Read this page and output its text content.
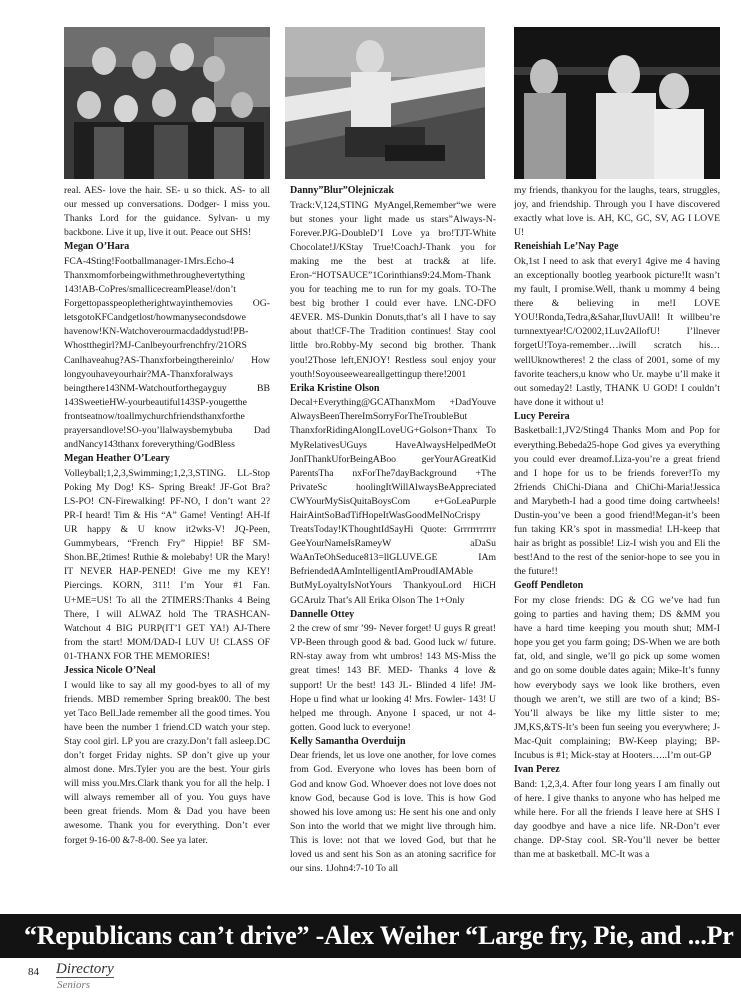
real. AES- love the hair. SE- u so thick. AS- to all our messed up conversations. Dodger- I miss you. Thanks Lord for the guidance. Sylvan- u my backbone. Live it up, live it out. Peace out SHS!

Megan O’Hara

FCA-4Sting!Footballmanager-1Mrs.Echo-4 Thanxmomforbeingwithmethroughevertything 143!AB-CoPres/smallicecreamPlease!/don’t Forgettopasspeopletherightwayinthemovies OG-letsgotoKFCandgetlost/howmanysecondsdowe havenow!KN-Watchoverourmacdaddystud!PB-Whostthegirl?MJ-Canlbeyourfrenchfry/21ORS Canlhaveahug?AS-Thanxforbeingthereinlo/ How longyouhaveyourhair?MA-Thanxforalways beingthere143NM-Watchoutforthegayguy BB 143SweetieHW-yourbeautiful143SP-yougetthe frontseatnow/toallmychurchfriendsthanxforthe prayersandlove!SO-you’llalwaysbemybuba Dad andNancy143thanx foreverything/GodBless

Megan Heather O’Leary

Volleyball;1,2,3,Swimming;1,2,3,STING. LL-Stop Poking My Dog! KS- Spring Break! JF-Got Bra? LS-PO! CN-Firewalking! PF-NO, I don’t want 2? PR-I heard! Tim & His “A” Game! Venting! AH-If UR happy & U know it2wks-V! JQ-Peen, Gummybears, “French Fry” Hippie! BF SM-Shon.BE,2times! Ruthie & molebaby! UR the Mary! IT NEVER HAP-PENED! Give me my KEY! Piercings. KORN, 311! I’m Your #1 Fan. U+ME=US! To all the 2TIMERS:Thanks 4 Being There, I will ALWAZ hold The TRASHCAN-Watchout 4 BIG PURP(IT’I GET YA!) AJ-There from the start! MOM/DAD-I LUV U! CLASS OF 01-THANX FOR THE MEMORIES!

Jessica Nicole O’Neal

I would like to say all my good-byes to all of my friends. MBD remember Spring break00. The best yet Taco Bell.Jade remember all the good times. You have been the number 1 friend.CD watch your step. Stay cool girl. LP you are crazy.Don’t fall asleep.DC don’t forget Friday nights. SP don’t give up your almost done. Mrs.Tyler you are the best. Your girls will miss you.Mrs.Clark thank you for all the help. I will always remember all of you. You guys have been great friends. Mom & Dad you have been awesome. Thank you for everything. Don’t ever forget 9-16-00 &7-8-00. See ya later.

Danny”Blur”Olejniczak

Track:V,124,STING MyAngel,Remember“we were but stones your light made us stars”Always-N-Forever.PJG-DoubleD’I Love ya bro!TJT-White Chocolate!J/KStay True!CoachJ-Thank you for making me the best at track& at life. Eron-“HOTSAUCE”1Corinthians9:24.Mom-Thank you for teaching me to run for my goals. TO-The best big brother I could ever have. LNC-DFO 4EVER. MS-Dunkin Donuts,that’s all I have to say about that!CF-The Tradition continues! Stay cool little bro.Robby-My second big brother. Thank you!2Those left,ENJOY! Restless soul enjoy your youth!Soyouseeweareallgettingup there!2001

Erika Kristine Olson

Decal+Everything@GCAThanxMom +DadYouve AlwaysBeenThereImSorryForTheTroubleBut ThanxforRidingAlongILoveUG+Golson+Thanx To MyRelativesUGuys HaveAlwaysHelpedMeOt JonIThankUforBeingABoo gerYourAGreatKid ParentsTha nxForThe7dayBackground +The PrivateSc hoolingItWillAlwaysBeAppreciated CWYourMySisQuitaBoysCom e+GoLeaPurple HairAintSoBadTifHopeItWasGoodMeINoCrispy TreatsToday!KThoughtIdSayHi Quote: Grrrrrrrrrrr GeeYourNameIsRameyW aDaSu WaAnTeOhSeduce813=llGLUVE.GE IAm BefriendedAAmIntelligentIAmProudIAMAble ButMyLoyaltyIsNotYours ThankyouLord HiCH GCArulz That’s All Erika Olson The 1+Only

Dannelle Ottey

2 the crew of smr ’99- Never forget! U guys R great! VP-Been through good & bad. Good luck w/ future. RN-stay away from wht umbros! 143 MS-Miss the great times! 143 BF. MED- Thanks 4 love & support! Ur the best! 143 JL- Blinded 4 life! JM- Hope u find what ur looking 4! Mrs. Fowler- 143! U helped me through. Anyone I spaced, ur not 4-gotten. Good luck to everyone!

Kelly Samantha Overduijn

Dear friends, let us love one another, for love comes from God. Everyone who loves has been born of God and know God. Whoever does not love does not know God, because God is love. This is how God showed his love among us: He sent his one and only Son into the world that we might live through him. This is love: not that we loved God, but that he loved us and sent his Son as an atoning sacrifice for our sins. 1John4:7-10 To all

my friends, thankyou for the laughs, tears, struggles, joy, and friendship. Through you I have discovered exactly what love is. AH, KC, GC, SV, AG I LOVE U!

Reneishiah Le’Nay Page

Ok,1st I need to ask that every1 4give me 4 having an exceptionally bootleg yearbook picture!It wasn’t my fault, I promise.Well, thank u mommy 4 being there & believing in me!I LOVE YOU!Ronda,Tedra,&Sahar,IluvUAll! It willbeu’re turnnextyear!C/O2002,1Luv2AllofU! I’llnever forgetU!Toya-remember…iwill scratch his…wellUknowtheres! 2 the class of 2001, some of my favorite teachers,u know who Ur. maybe u’ll make it out someday2! Lastly, THANK U GOD! I couldn’t have done it without u!

Lucy Pereira

Basketball:1,JV2/Sting4 Thanks Mom and Pop for everything.Bebeda25-hope God gives ya everything you could ever dreamof.Liza-you’re a great friend and I hope for us to be friends forever!To my 2friends ChiChi-Diana and ChiChi-Maria!Jessica and Marybeth-I had a good time doing cartwheels! Dustin-you’ve been a good friend!Megan-it’s been fun taking KR’s spot in massmedia! LH-keep that hair as bright as possible! Liz-I wish you and Eli the best!And to the rest of the senior-hope to see you in the future!!

Geoff Pendleton

For my close friends: DG & CG we’ve had fun going to parties and having them; DS &MM you have a hard time keeping you mouth shut; MM-I hope you get you farm going; DS-When we are both fat, old, and single, we’ll go pick up some women and go on some double dates again; Mike-It’s funny how everybody says we look like brothers, even though we aren’t, we still are two of a kind; BS-You’ll always be like my little sister to me; JM,KS,&TS-It’s been fun seeing you everywhere; J-Mac-Quit complaining; BW-Keep playing; BP-Incubus is #1; Mick-stay at Hooters…..I’m out-GP

Ivan Perez

Band: 1,2,3,4. After four long years I am finally out of here. I give thanks to anyone who has helped me while here. For all the friends I leave here at SHS I day goodbye and have a nice life. NR-Don’t ever change. DP-Stay cool. SR-You’ll never be better than me at basketball. MC-It was a

“Republicans can’t drive” -Alex Weiher “Large fry, Pie, and ...Pr
84 Directory
Seniors
